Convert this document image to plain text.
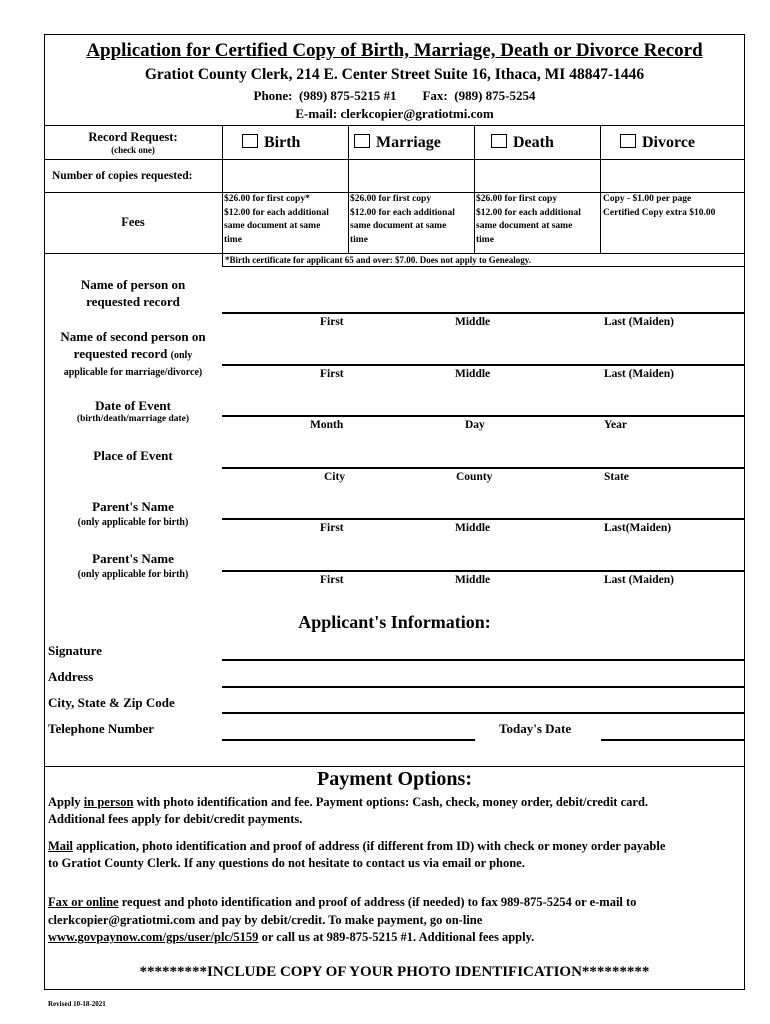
Application for Certified Copy of Birth, Marriage, Death or Divorce Record
Gratiot County Clerk, 214 E. Center Street Suite 16, Ithaca, MI 48847-1446
Phone:  (989) 875-5215 #1        Fax:  (989) 875-5254
E-mail: clerkcopier@gratiotmi.com
Record Request:
(check one)	Birth	Marriage	Death	Divorce
Number of copies requested:
Fees
$26.00 for first copy*
$12.00 for each additional
same document at same
time
$26.00 for first copy
$12.00 for each additional
same document at same
time
$26.00 for first copy
$12.00 for each additional
same document at same
time
Copy - $1.00 per page
Certified Copy extra $10.00
*Birth certificate for applicant 65 and over: $7.00. Does not apply to Genealogy.
Name of person on
requested record
First	Middle	Last (Maiden)
Name of second person on
requested record (only
applicable for marriage/divorce)	First	Middle	Last (Maiden)
Date of Event
(birth/death/marriage date)	Month	Day	Year
Place of Event
City	County	State
Parent's Name
(only applicable for birth)	First	Middle	Last(Maiden)
Parent's Name
(only applicable for birth)	First	Middle	Last (Maiden)
Applicant's Information:
Signature
Address
City, State & Zip Code
Telephone Number	Today's Date
Payment Options:
Apply in person with photo identification and fee. Payment options: Cash, check, money order, debit/credit card.
Additional fees apply for debit/credit payments.
Mail application, photo identification and proof of address (if different from ID) with check or money order payable
to Gratiot County Clerk. If any questions do not hesitate to contact us via email or phone.
Fax or online request and photo identification and proof of address (if needed) to fax 989-875-5254 or e-mail to
clerkcopier@gratiotmi.com and pay by debit/credit. To make payment, go on-line
www.govpaynow.com/gps/user/plc/5159 or call us at 989-875-5215 #1. Additional fees apply.
*********INCLUDE COPY OF YOUR PHOTO IDENTIFICATION*********
Revised 10-18-2021
